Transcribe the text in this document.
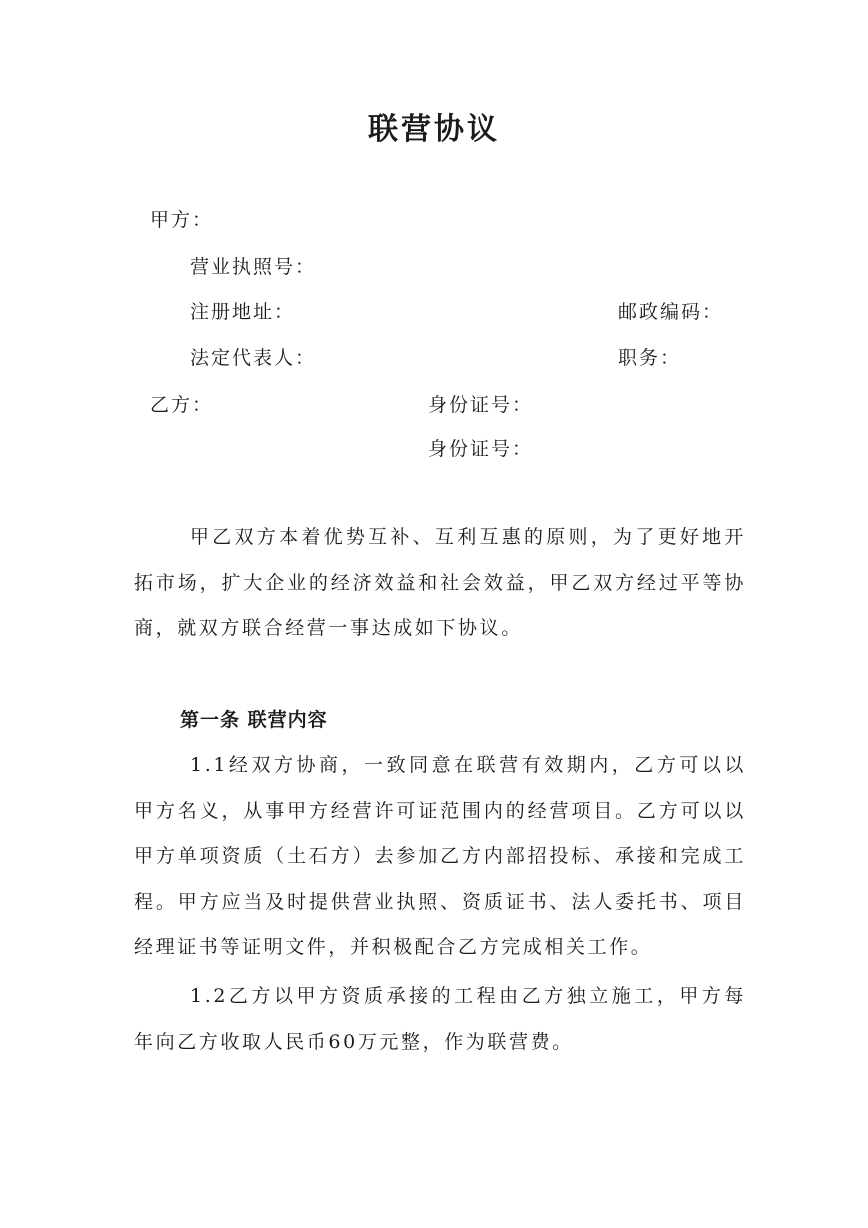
联营协议
甲方：
营业执照号：
注册地址：	邮政编码：
法定代表人：	职务：
乙方：	身份证号：
身份证号：
甲乙双方本着优势互补、互利互惠的原则，为了更好地开拓市场，扩大企业的经济效益和社会效益，甲乙双方经过平等协商，就双方联合经营一事达成如下协议。
第一条 联营内容
1.1经双方协商，一致同意在联营有效期内，乙方可以以甲方名义，从事甲方经营许可证范围内的经营项目。乙方可以以甲方单项资质（土石方）去参加乙方内部招投标、承接和完成工程。甲方应当及时提供营业执照、资质证书、法人委托书、项目经理证书等证明文件，并积极配合乙方完成相关工作。
1.2乙方以甲方资质承接的工程由乙方独立施工，甲方每年向乙方收取人民币60万元整，作为联营费。
